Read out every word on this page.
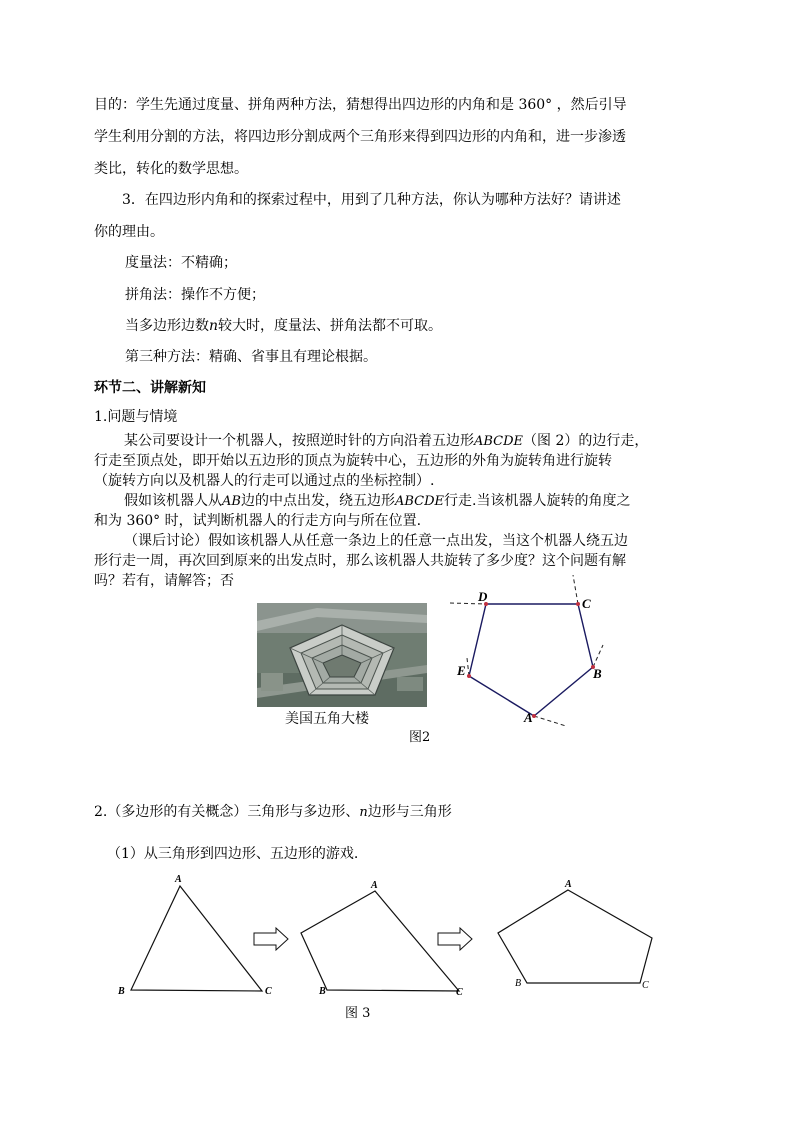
目的：学生先通过度量、拼角两种方法，猜想得出四边形的内角和是 360° ，然后引导
学生利用分割的方法，将四边形分割成两个三角形来得到四边形的内角和，进一步渗透
类比，转化的数学思想。
3．在四边形内角和的探索过程中，用到了几种方法，你认为哪种方法好？请讲述
你的理由。
度量法：不精确；
拼角法：操作不方便；
当多边形边数n较大时，度量法、拼角法都不可取。
第三种方法：精确、省事且有理论根据。
环节二、讲解新知
1.问题与情境
某公司要设计一个机器人，按照逆时针的方向沿着五边形ABCDE（图 2）的边行走，
行走至顶点处，即开始以五边形的顶点为旋转中心，五边形的外角为旋转角进行旋转
（旋转方向以及机器人的行走可以通过点的坐标控制）.
假如该机器人从AB边的中点出发，绕五边形ABCDE行走.当该机器人旋转的角度之
和为 360° 时，试判断机器人的行走方向与所在位置.
（课后讨论）假如该机器人从任意一条边上的任意一点出发，当这个机器人绕五边
形行走一周，再次回到原来的出发点时，那么该机器人共旋转了多少度？这个问题有解
吗？若有，请解答；否
美国五角大楼
图2
D	C
B
A
E
2.（多边形的有关概念）三角形与多边形、n边形与三角形
（1）从三角形到四边形、五边形的游戏.
A
B	C
A
B	C
A
B	C
图 3
